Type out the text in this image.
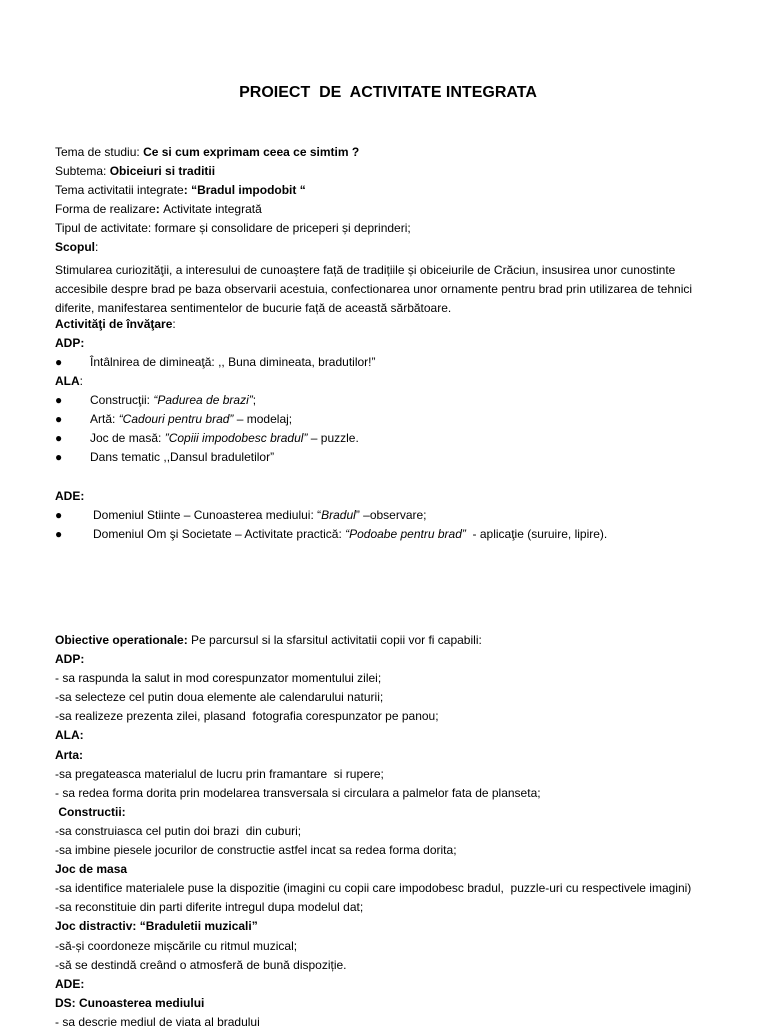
PROIECT  DE  ACTIVITATE INTEGRATA
Tema de studiu: Ce si cum exprimam ceea ce simtim ?
Subtema: Obiceiuri si traditii
Tema activitatii integrate: “Bradul impodobit “
Forma de realizare: Activitate integrată
Tipul de activitate: formare și consolidare de priceperi și deprinderi;
Scopul:
Stimularea curiozităţii, a interesului de cunoaștere față de tradițiile și obiceiurile de Crăciun, insusirea unor cunostinte accesibile despre brad pe baza observarii acestuia, confectionarea unor ornamente pentru brad prin utilizarea de tehnici diferite, manifestarea sentimentelor de bucurie față de această sărbătoare.
Activităţi de învăţare:
ADP:

●

Întâlnirea de dimineaţă: ,, Buna dimineata, bradutilor!”

ALA:

●

Construcţii: “Padurea de brazi”;

●

Artă: “Cadouri pentru brad” – modelaj;

●

Joc de masă: ”Copiii impodobesc bradul” – puzzle.

●

Dans tematic ,,Dansul braduletilor”

ADE:

●

	Domeniul Stiinte – Cunoasterea mediului: “Bradul” –observare;

●

	Domeniul Om şi Societate – Activitate practică: “Podoabe pentru brad”  - aplicaţie (suruire, lipire).

Obiective operationale: Pe parcursul si la sfarsitul activitatii copii vor fi capabili:
ADP:
- sa raspunda la salut in mod corespunzator momentului zilei;
-sa selecteze cel putin doua elemente ale calendarului naturii;
-sa realizeze prezenta zilei, plasand  fotografia corespunzator pe panou;
ALA:
Arta:
-sa pregateasca materialul de lucru prin framantare  si rupere;
- sa redea forma dorita prin modelarea transversala si circulara a palmelor fata de planseta;
Constructii:
-sa construiasca cel putin doi brazi  din cuburi;
-sa imbine piesele jocurilor de constructie astfel incat sa redea forma dorita;
Joc de masa
-sa identifice materialele puse la dispozitie (imagini cu copii care impodobesc bradul,  puzzle-uri cu respectivele imagini)
-sa reconstituie din parti diferite intregul dupa modelul dat;
Joc distractiv: “Braduletii muzicali”
-să-și coordoneze mișcările cu ritmul muzical;
-să se destindă creând o atmosferă de bună dispoziție.
ADE:
DS: Cunoasterea mediului
- sa descrie mediul de viata al bradului
